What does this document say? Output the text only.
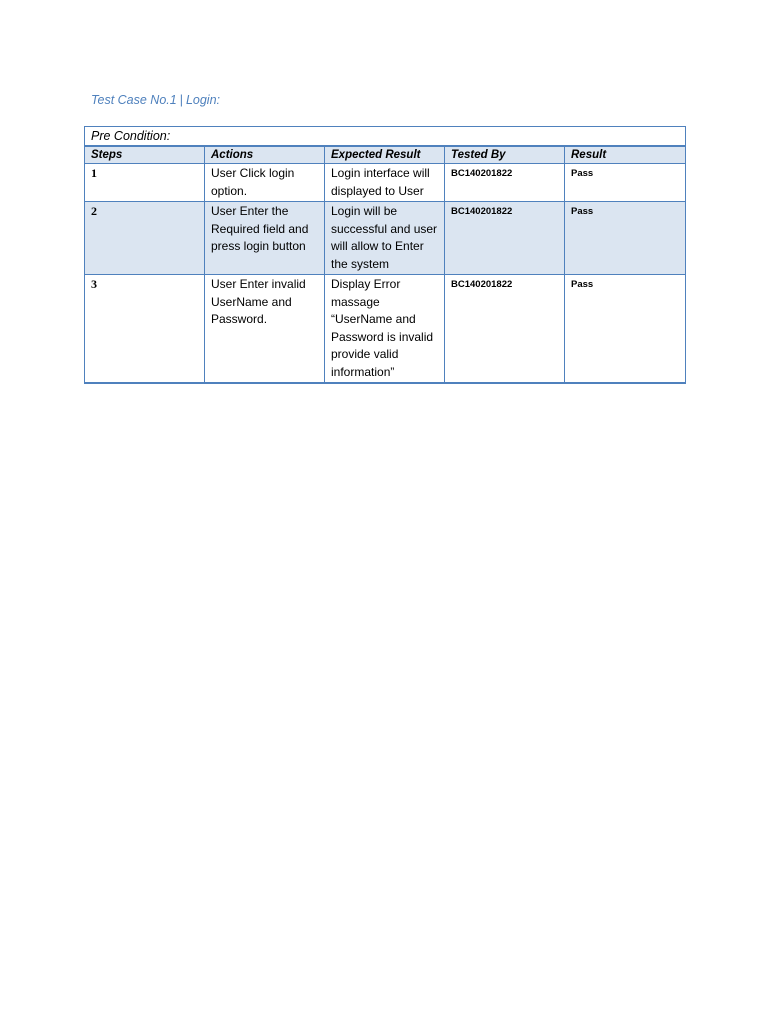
Test Case No.1 | Login:
Pre Condition:				
Steps	Actions	Expected Result	Tested By	Result
1	User Click login option.	Login interface will displayed to User	BC140201822	Pass
2	User Enter the Required field and press login button	Login will be successful and user will allow to Enter the system	BC140201822	Pass
3	User Enter invalid UserName and Password.	Display Error massage “UserName and Password is invalid provide valid information”	BC140201822	Pass
